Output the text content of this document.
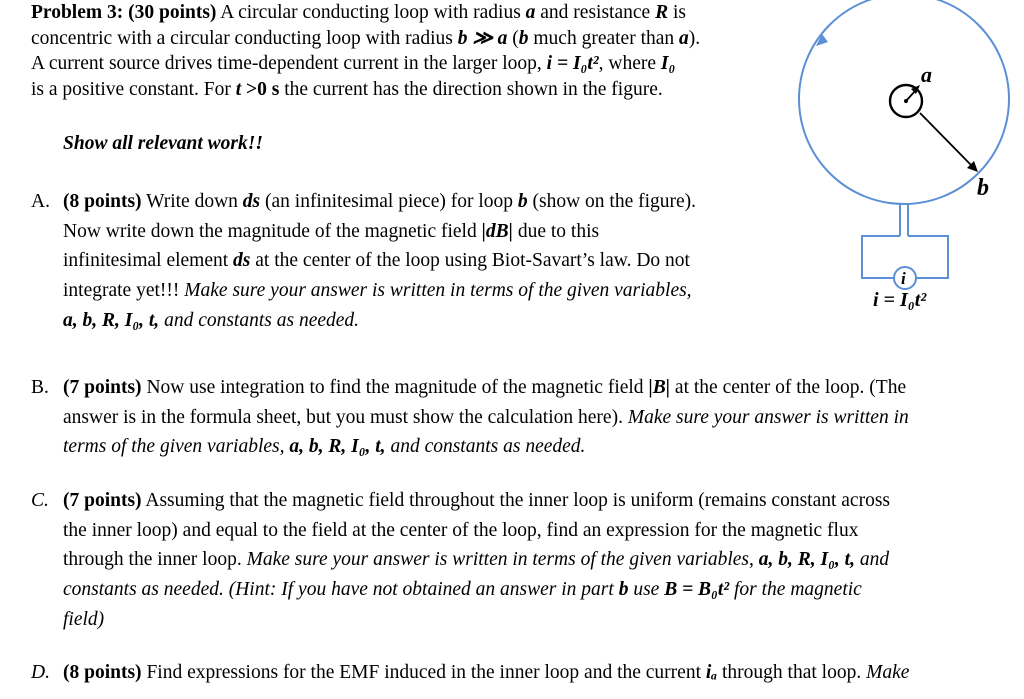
Problem 3: (30 points) A circular conducting loop with radius a and resistance R is
concentric with a circular conducting loop with radius b ≫ a (b much greater than a).
A current source drives time-dependent current in the larger loop, i = I₀t², where I₀
is a positive constant. For t >0 s the current has the direction shown in the figure.
Show all relevant work!!
A. (8 points) Write down ds (an infinitesimal piece) for loop b (show on the figure).
Now write down the magnitude of the magnetic field |dB| due to this
infinitesimal element ds at the center of the loop using Biot-Savart’s law. Do not
integrate yet!!! Make sure your answer is written in terms of the given variables,
a, b, R, I₀, t, and constants as needed.
B. (7 points) Now use integration to find the magnitude of the magnetic field |B| at the center of the loop. (The
answer is in the formula sheet, but you must show the calculation here). Make sure your answer is written in
terms of the given variables, a, b, R, I₀, t, and constants as needed.
C. (7 points) Assuming that the magnetic field throughout the inner loop is uniform (remains constant across
the inner loop) and equal to the field at the center of the loop, find an expression for the magnetic flux
through the inner loop. Make sure your answer is written in terms of the given variables, a, b, R, I₀, t, and
constants as needed. (Hint: If you have not obtained an answer in part b use B = B₀t² for the magnetic
field)
D. (8 points) Find expressions for the EMF induced in the inner loop and the current iₐ through that loop. Make
a
b
i
i = I₀t²
